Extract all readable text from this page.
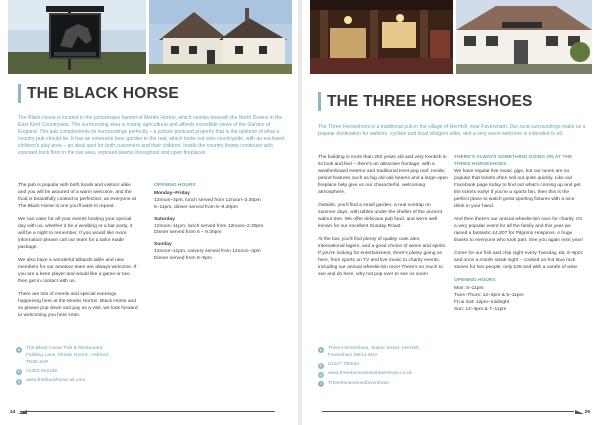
THE BLACK HORSE

The Black Horse is located in the picturesque hamlet of Monks Horton, which nestles beneath the North Downs in the East Kent Countryside. The surrounding area is mainly agricultural and affords incredible views of the Garden of England. The pub complements its surroundings perfectly – a picture postcard property that is the epitome of what a country pub should be. It has an extensive beer garden to the rear, which looks out onto countryside, with an enclosed children's play area – an ideal spot for both customers and their children. Inside the country theme continues with exposed brick floor in the bar area, exposed beams throughout and open fireplaces.

The pub is popular with both locals and visitors alike and you will be assured of a warm welcome, and the food is beautifully cooked to perfection; as everyone at The Black Horse is one you'll want to repeat.

We can cater for all your events hosting your special day with us, whether it be a wedding or a bar party, it will be a night to remember. If you would like more information please call our team for a tailor made package.

We also have a wonderful billiards table and new members for our amateur team are always welcome. If you are a keen player and would like a game or two then get in contact with us.

There are lots of events and special evenings happening here at the Monks Horton. Black Horse and so please pop down and pay us a visit, we look forward to welcoming you here soon.

OPENING HOURS
Monday–Friday
12noon–3pm, lunch served from 12noon–2.30pm
5–11pm, dinner served from 6–9.30pm
Saturday
12noon–11pm, lunch served from 12noon–2.30pm
Dinner served from 6 – 9.30pm
Sunday
12noon–11pm, carvery served from 12noon–3pm
Dinner served from 6–9pm
●	The Black Horse Pub & Restaurant,
Fiddling Lane, Monks Horton, Ashford
TN25 6AP
✆ 01303 812182
◎ www.theblackhorse.uk.com
24
THE THREE HORSESHOES

The Three Horseshoes is a traditional pub in the village of Hernhill, near Faversham. Our rural surroundings make us a popular destination for walkers, cyclists and local villagers alike, and a very warm welcome is extended to all.

The building is more than 250 years old and very Kentish in its look and feel – there's an attractive frontage, with a weatherboard exterior and traditional Kent peg roof. Inside, period features such as big old oak beams and a large open fireplace help give us our characterful, welcoming atmosphere.

Outside, you'll find a small garden, a real suntrap on summer days, with tables under the shelter of the ancient walnut tree. We offer delicious pub food, and we're well known for our excellent Sunday Roast.

At the bar, you'll find plenty of quality cask ales, international lagers, and a good choice of wines and spirits. If you're looking for entertainment, there's plenty going on here, from sports on TV and live music to charity events, including our annual wheelie-bin race! There's so much to see and do here, why not pop over to see us soon!

THERE'S ALWAYS SOMETHING GOING ON AT THE THREE HORSESHOES

We have regular live music gigs, but our tunes are so popular that tickets often sell out quite quickly. Like our Facebook page today to find out what's coming up and get the tickets early! If you're a sports fan, then this is the perfect place to watch great sporting fixtures with a nice drink in your hand.

And then there's our annual wheelie-bin race for charity. It's a very popular event for all the family and this year we raised a fantastic £4,807 for Pilgrims Hospices. A huge thanks to everyone who took part. See you again next year!

Come for our fish and chip night every Tuesday, £5, 6–9pm; and once a month steak night – cooked on hot lava rock stones for two people, only £35 and with a carafe of wine.

OPENING HOURS
Mon: 5–11pm
Tues–Thurs: 12–3pm & 5–11pm
Fri & Sat: 12pm–midnight
Sun: 12–4pm & 7–11pm
●	Three Horseshoes, Staple Street, Hernhill,
Faversham ME13 9UA
✆ 01227 750842
◎ www.threehorseshoesfaversham.co.uk
f	Threehorseshoesfaversham
25
